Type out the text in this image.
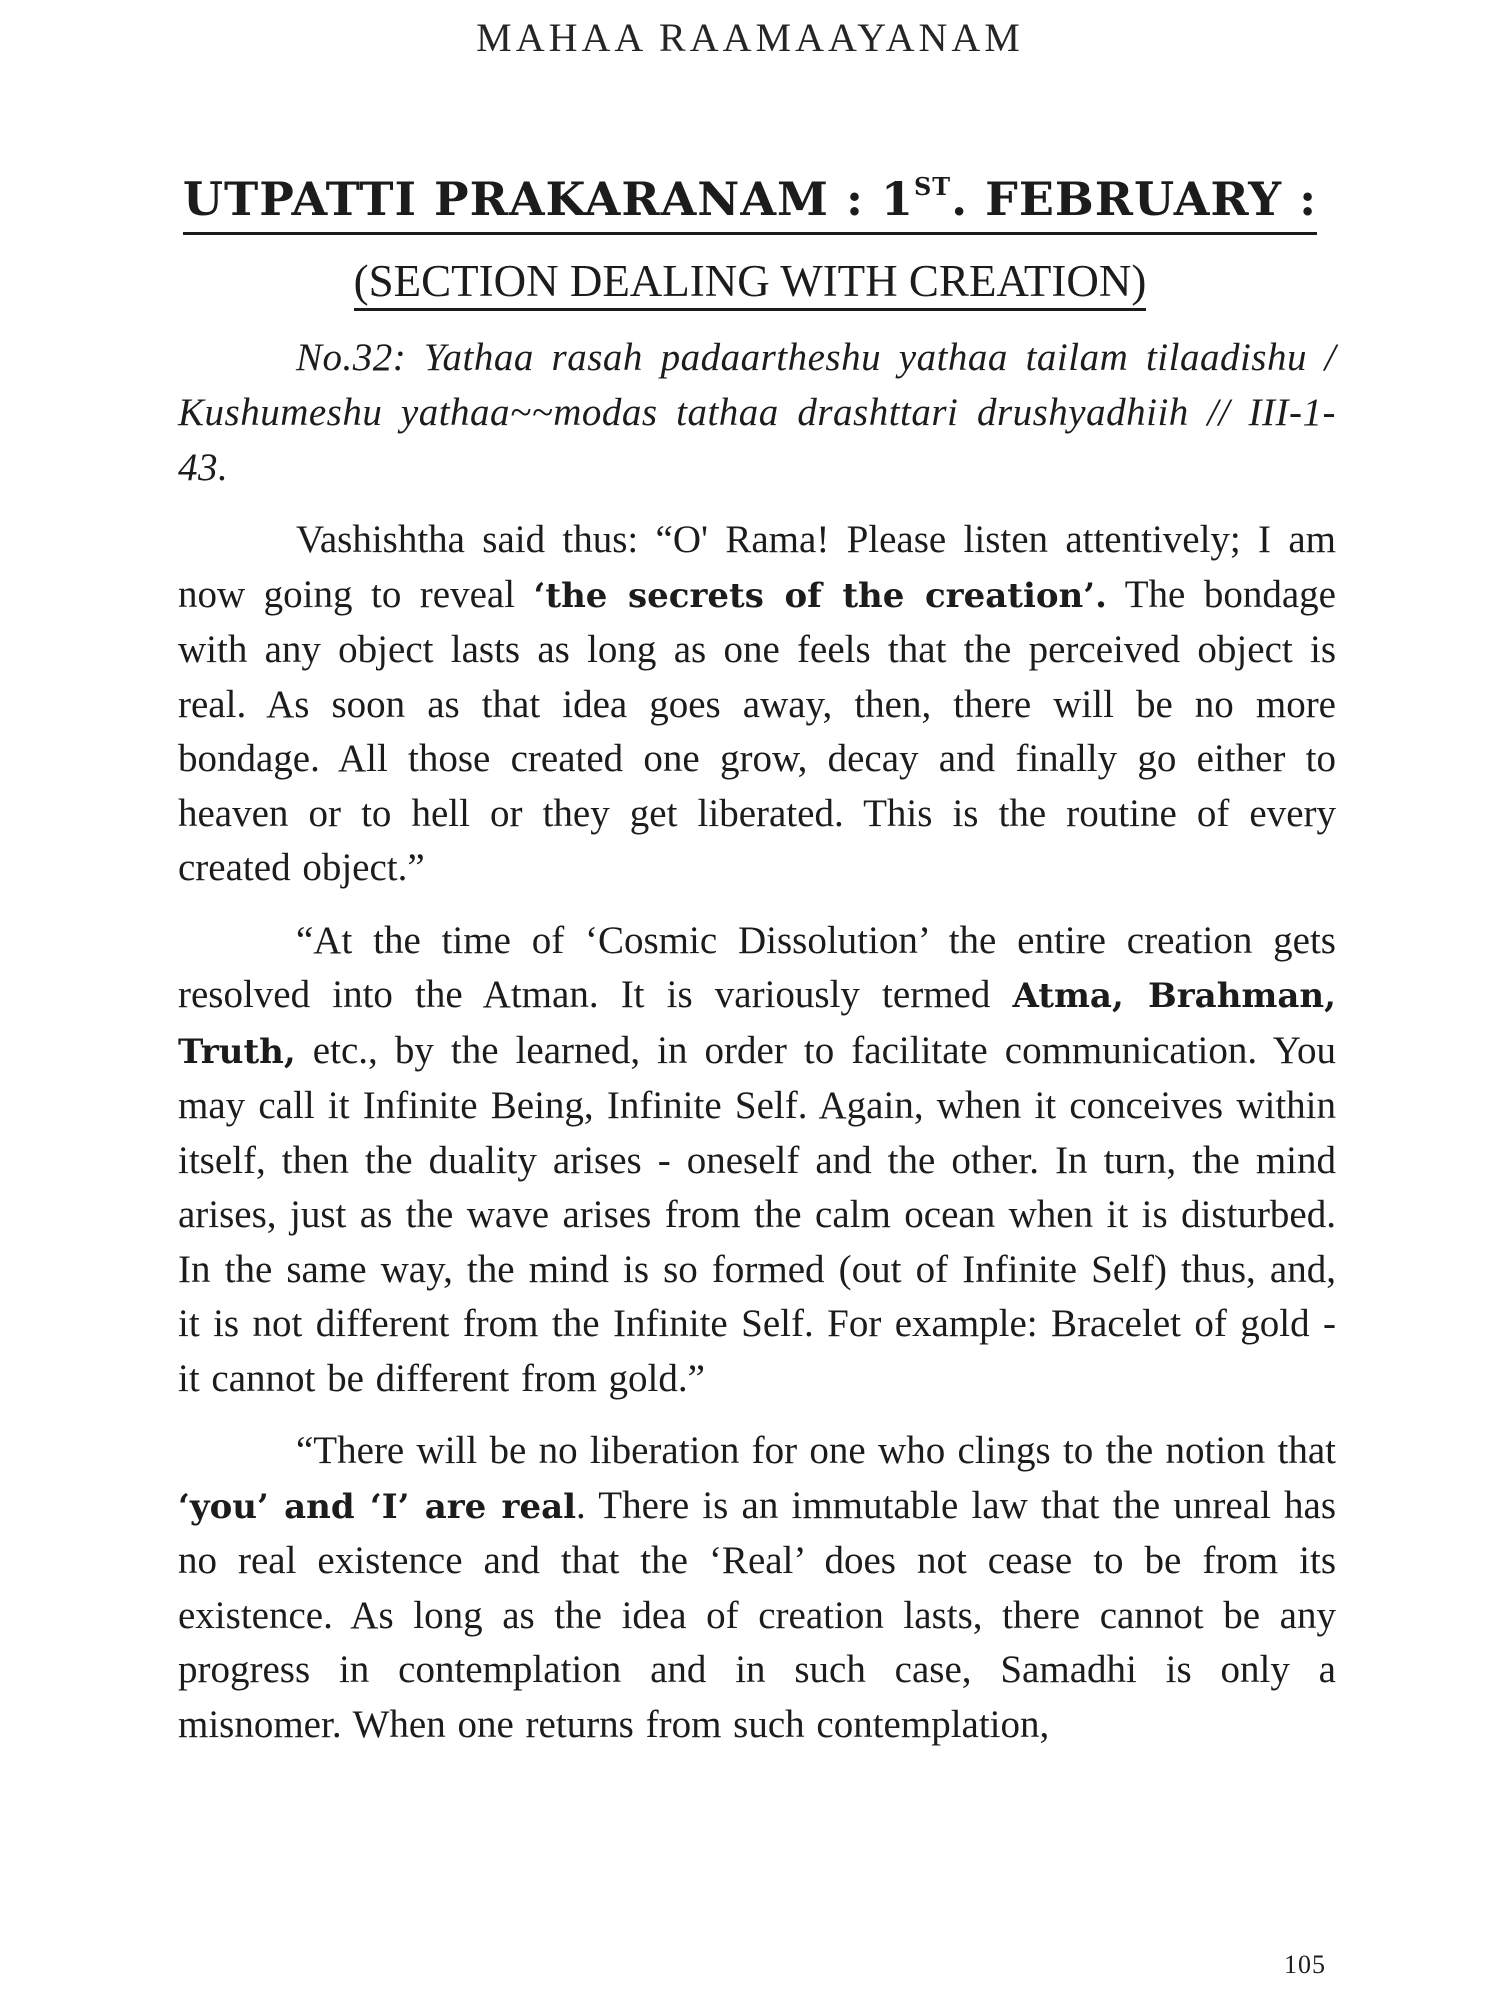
MAHAA RAAMAAYANAM
UTPATTI PRAKARANAM : 1ST. FEBRUARY :
(SECTION DEALING WITH CREATION)

No.32: Yathaa rasah padaartheshu yathaa tailam tilaadishu / Kushumeshu yathaa~~modas tathaa drashttari drushyadhiih // III-1-43.

Vashishtha said thus: “O' Rama! Please listen attentively; I am now going to reveal ‘the secrets of the creation’. The bondage with any object lasts as long as one feels that the perceived object is real. As soon as that idea goes away, then, there will be no more bondage. All those created one grow, decay and finally go either to heaven or to hell or they get liberated. This is the routine of every created object.”

“At the time of ‘Cosmic Dissolution’ the entire creation gets resolved into the Atman. It is variously termed Atma, Brahman, Truth, etc., by the learned, in order to facilitate communication. You may call it Infinite Being, Infinite Self. Again, when it conceives within itself, then the duality arises - oneself and the other. In turn, the mind arises, just as the wave arises from the calm ocean when it is disturbed. In the same way, the mind is so formed (out of Infinite Self) thus, and, it is not different from the Infinite Self. For example: Bracelet of gold - it cannot be different from gold.”

“There will be no liberation for one who clings to the notion that ‘you’ and ‘I’ are real. There is an immutable law that the unreal has no real existence and that the ‘Real’ does not cease to be from its existence. As long as the idea of creation lasts, there cannot be any progress in contemplation and in such case, Samadhi is only a misnomer. When one returns from such contemplation,

105
